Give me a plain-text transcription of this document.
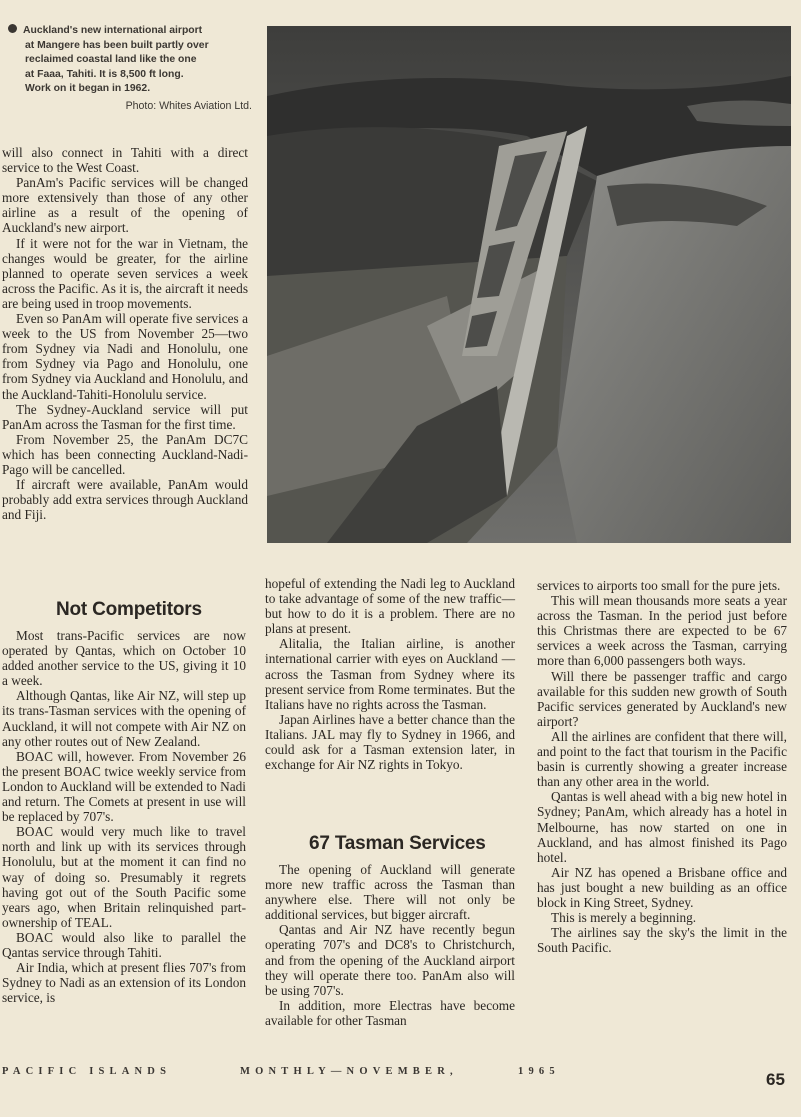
Auckland's new international airport
at Mangere has been built partly over
reclaimed coastal land like the one
at Faaa, Tahiti. It is 8,500 ft long.
Work on it began in 1962.
Photo: Whites Aviation Ltd.

will also connect in Tahiti with a direct service to the West Coast.

PanAm's Pacific services will be changed more extensively than those of any other airline as a result of the opening of Auckland's new airport.

If it were not for the war in Vietnam, the changes would be greater, for the airline planned to operate seven services a week across the Pacific. As it is, the aircraft it needs are being used in troop movements.

Even so PanAm will operate five services a week to the US from November 25—two from Sydney via Nadi and Honolulu, one from Sydney via Pago and Honolulu, one from Sydney via Auckland and Honolulu, and the Auckland-Tahiti-Honolulu service.

The Sydney-Auckland service will put PanAm across the Tasman for the first time.

From November 25, the PanAm DC7C which has been connecting Auckland-Nadi-Pago will be cancelled.

If aircraft were available, PanAm would probably add extra services through Auckland and Fiji.

Not Competitors

Most trans-Pacific services are now operated by Qantas, which on October 10 added another service to the US, giving it 10 a week.

Although Qantas, like Air NZ, will step up its trans-Tasman services with the opening of Auckland, it will not compete with Air NZ on any other routes out of New Zealand.

BOAC will, however. From November 26 the present BOAC twice weekly service from London to Auckland will be extended to Nadi and return. The Comets at present in use will be replaced by 707's.

BOAC would very much like to travel north and link up with its services through Honolulu, but at the moment it can find no way of doing so. Presumably it regrets having got out of the South Pacific some years ago, when Britain relinquished part-ownership of TEAL.

BOAC would also like to parallel the Qantas service through Tahiti.

Air India, which at present flies 707's from Sydney to Nadi as an extension of its London service, is

hopeful of extending the Nadi leg to Auckland to take advantage of some of the new traffic—but how to do it is a problem. There are no plans at present.

Alitalia, the Italian airline, is another international carrier with eyes on Auckland — across the Tasman from Sydney where its present service from Rome terminates. But the Italians have no rights across the Tasman.

Japan Airlines have a better chance than the Italians. JAL may fly to Sydney in 1966, and could ask for a Tasman extension later, in exchange for Air NZ rights in Tokyo.

67 Tasman Services

The opening of Auckland will generate more new traffic across the Tasman than anywhere else. There will not only be additional services, but bigger aircraft.

Qantas and Air NZ have recently begun operating 707's and DC8's to Christchurch, and from the opening of the Auckland airport they will operate there too. PanAm also will be using 707's.

In addition, more Electras have become available for other Tasman

services to airports too small for the pure jets.

This will mean thousands more seats a year across the Tasman. In the period just before this Christmas there are expected to be 67 services a week across the Tasman, carrying more than 6,000 passengers both ways.

Will there be passenger traffic and cargo available for this sudden new growth of South Pacific services generated by Auckland's new airport?

All the airlines are confident that there will, and point to the fact that tourism in the Pacific basin is currently showing a greater increase than any other area in the world.

Qantas is well ahead with a big new hotel in Sydney; PanAm, which already has a hotel in Melbourne, has now started on one in Auckland, and has almost finished its Pago hotel.

Air NZ has opened a Brisbane office and has just bought a new building as an office block in King Street, Sydney.

This is merely a beginning.

The airlines say the sky's the limit in the South Pacific.

PACIFIC ISLANDS	MONTHLY—NOVEMBER,	1965	65
